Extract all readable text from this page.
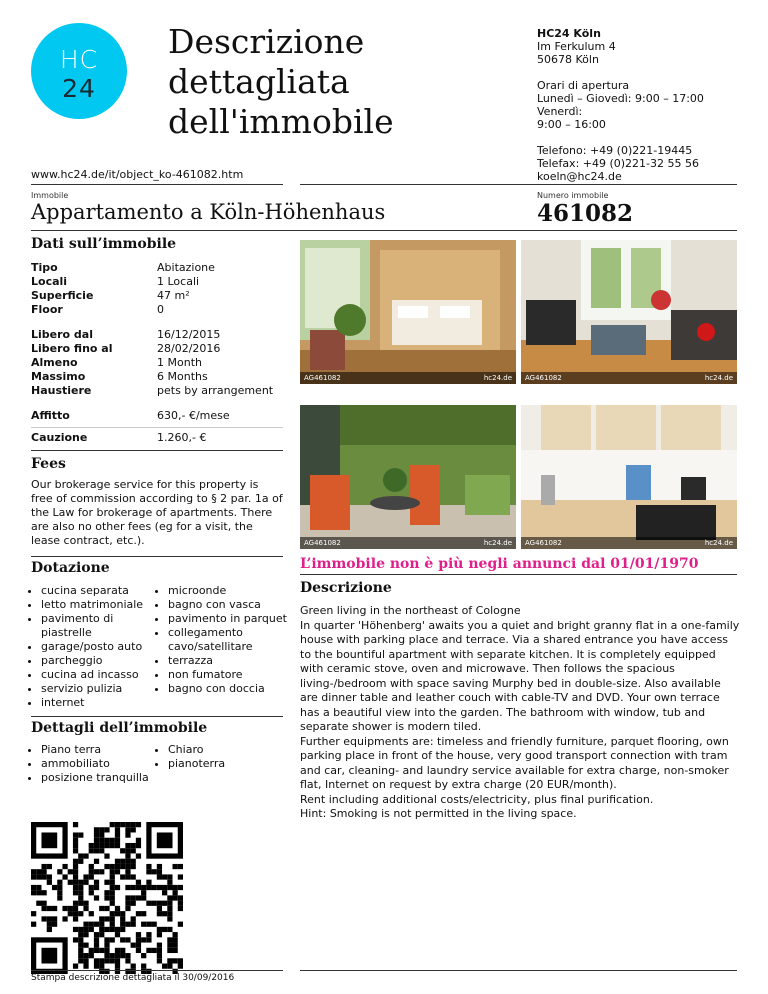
HC
24
Descrizione
dettagliata
dell'immobile
www.hc24.de/it/object_ko-461082.htm

HC24 Köln

Im Ferkulum 4

50678 Köln

Orari di apertura

Lunedì – Giovedì: 9:00 – 17:00

Venerdì:

9:00 – 16:00

Telefono: +49 (0)221-19445

Telefax: +49 (0)221-32 55 56

koeln@hc24.de

Immobile	Numero immobile
Appartamento a Köln-Höhenhaus	461082
Dati sull’immobile
Tipo	Abitazione
Locali	1 Locali
Superficie	47 m²
Floor	0
Libero dal	16/12/2015
Libero fino al	28/02/2016
Almeno	1 Month
Massimo	6 Months
Haustiere	pets by arrangement
Affitto	630,- €/mese
Cauzione	1.260,- €
Fees
Our brokerage service for this property is free of commission according to § 2 par. 1a of the Law for brokerage of apartments. There are also no other fees (eg for a visit, the lease contract, etc.).
AG461082	hc24.de AG461082	hc24.de
AG461082	hc24.de AG461082	hc24.de
Dotazione
• cucina separata
• letto matrimoniale
• pavimento di piastrelle
• garage/posto auto
• parcheggio
• cucina ad incasso
• servizio pulizia
• internet
• microonde
• bagno con vasca
• pavimento in parquet
• collegamento cavo/satellitare
• terrazza
• non fumatore
• bagno con doccia
Dettagli dell’immobile
• Piano terra
• ammobiliato
• posizione tranquilla
• Chiaro
• pianoterra
L’immobile non è più negli annunci dal 01/01/1970
Descrizione
Green living in the northeast of Cologne
In quarter 'Höhenberg' awaits you a quiet and bright granny flat in a one-family house with parking place and terrace. Via a shared entrance you have access to the bountiful apartment with separate kitchen. It is completely equipped with ceramic stove, oven and microwave. Then follows the spacious living-/bedroom with space saving Murphy bed in double-size. Also available are dinner table and leather couch with cable-TV and DVD. Your own terrace has a beautiful view into the garden. The bathroom with window, tub and separate shower is modern tiled.
Further equipments are: timeless and friendly furniture, parquet flooring, own parking place in front of the house, very good transport connection with tram and car, cleaning- and laundry service available for extra charge, non-smoker flat, Internet on request by extra charge (20 EUR/month).
Rent including additional costs/electricity, plus final purification.
Hint: Smoking is not permitted in the living space.
Stampa descrizione dettagliata il 30/09/2016
